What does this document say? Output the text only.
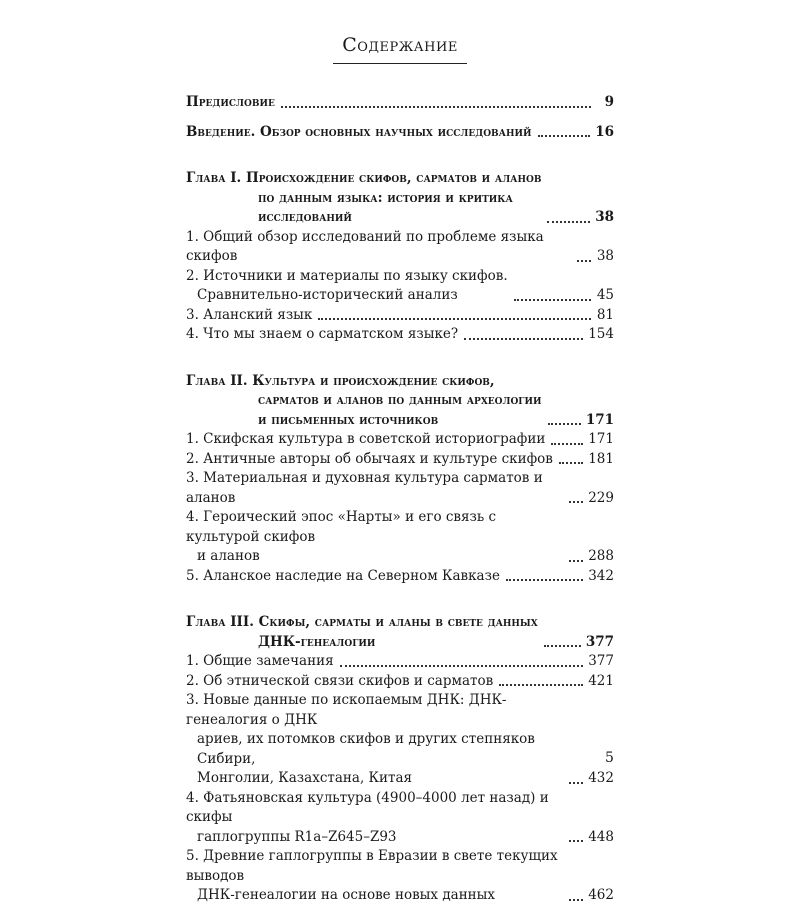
Содержание
Предисловие	9
Введение. Обзор основных научных исследований	16
Глава I. Происхождение скифов, сарматов и аланов
по данным языка: история и критика
исследований	38
1. Общий обзор исследований по проблеме языка скифов	38
2. Источники и материалы по языку скифов.
Сравнительно-исторический анализ	45
3. Аланский язык	81
4. Что мы знаем о сарматском языке?	154
Глава II. Культура и происхождение скифов,
сарматов и аланов по данным археологии
и письменных источников	171
1. Скифская культура в советской историографии	171
2. Античные авторы об обычаях и культуре скифов	181
3. Материальная и духовная культура сарматов и аланов	229
4. Героический эпос «Нарты» и его связь с культурой скифов
и аланов	288
5. Аланское наследие на Северном Кавказе	342
Глава III. Скифы, сарматы и аланы в свете данных
ДНК-генеалогии	377
1. Общие замечания	377
2. Об этнической связи скифов и сарматов	421
3. Новые данные по ископаемым ДНК: ДНК-генеалогия о ДНК
ариев, их потомков скифов и других степняков Сибири,
Монголии, Казахстана, Китая	432
4. Фатьяновская культура (4900–4000 лет назад) и скифы
гаплогруппы R1a–Z645–Z93	448
5. Древние гаплогруппы в Евразии в свете текущих выводов
ДНК-генеалогии на основе новых данных	462
5
